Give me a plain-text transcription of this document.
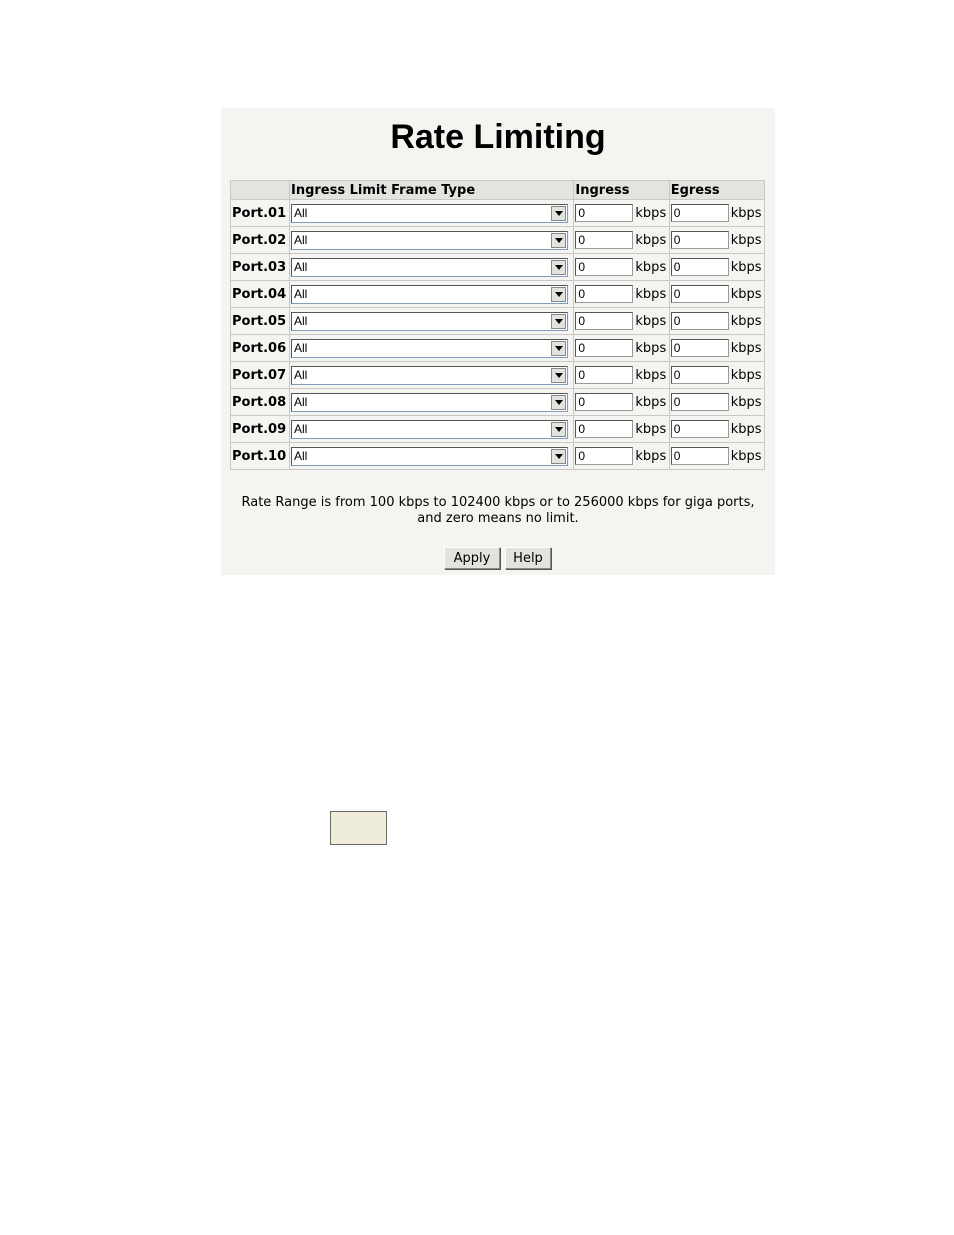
Rate Limiting
	Ingress Limit Frame Type	Ingress	Egress
Port.01	All	0 kbps	0 kbps
Port.02	All	0 kbps	0 kbps
Port.03	All	0 kbps	0 kbps
Port.04	All	0 kbps	0 kbps
Port.05	All	0 kbps	0 kbps
Port.06	All	0 kbps	0 kbps
Port.07	All	0 kbps	0 kbps
Port.08	All	0 kbps	0 kbps
Port.09	All	0 kbps	0 kbps
Port.10	All	0 kbps	0 kbps
Rate Range is from 100 kbps to 102400 kbps or to 256000 kbps for giga ports,
and zero means no limit.
Apply	Help
